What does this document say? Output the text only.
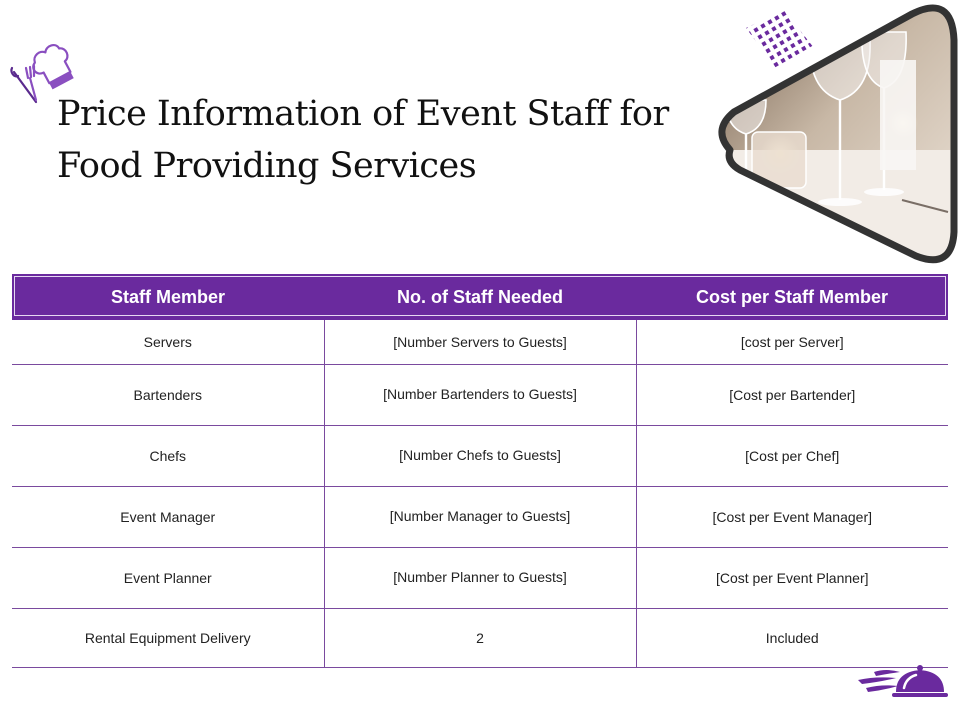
Price Information of Event Staff for
Food Providing Services
Staff Member	No. of Staff Needed	Cost per Staff Member
Servers	[Number Servers to Guests]	[cost per Server]
Bartenders	[Number Bartenders to Guests]	[Cost per Bartender]
Chefs	[Number Chefs to Guests]	[Cost per Chef]
Event Manager	[Number Manager to Guests]	[Cost per Event Manager]
Event Planner	[Number Planner to Guests]	[Cost per Event Planner]
Rental Equipment Delivery	2	Included
